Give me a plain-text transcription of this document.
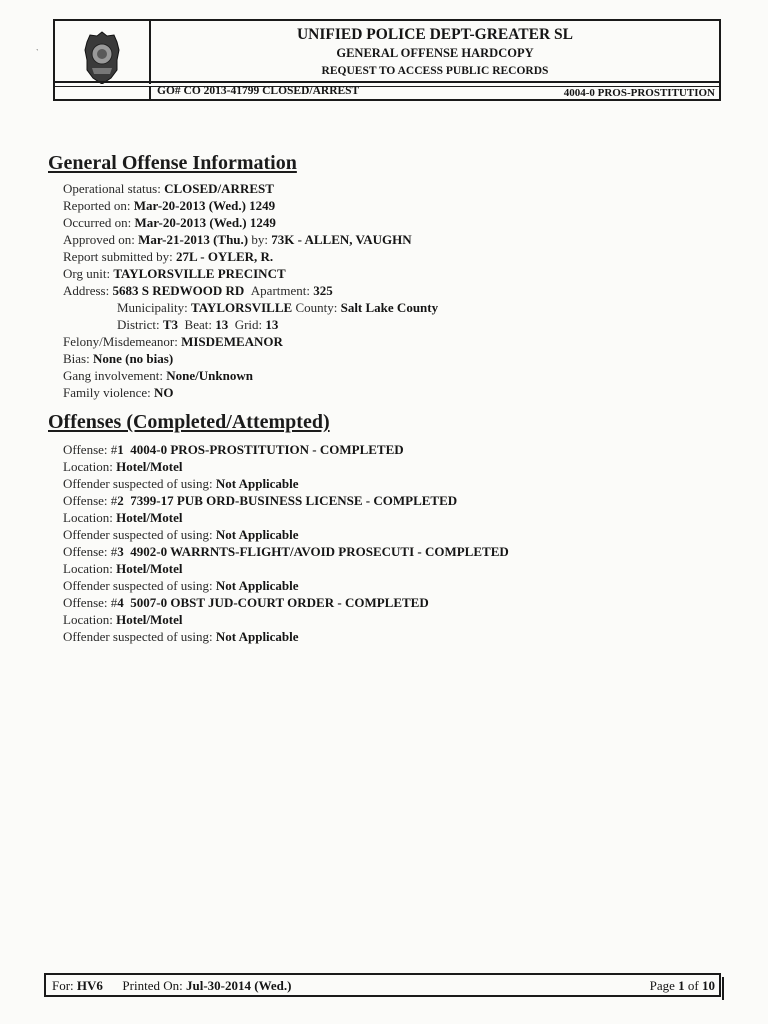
UNIFIED POLICE DEPT-GREATER SL
GENERAL OFFENSE HARDCOPY
REQUEST TO ACCESS PUBLIC RECORDS
GO# CO 2013-41799 CLOSED/ARREST	4004-0 PROS-PROSTITUTION
`
General Offense Information
Operational status: CLOSED/ARREST
Reported on: Mar-20-2013 (Wed.) 1249
Occurred on: Mar-20-2013 (Wed.) 1249
Approved on: Mar-21-2013 (Thu.) by: 73K - ALLEN, VAUGHN
Report submitted by: 27L - OYLER, R.
Org unit: TAYLORSVILLE PRECINCT
Address: 5683 S REDWOOD RD Apartment: 325
Municipality: TAYLORSVILLE County: Salt Lake County
District: T3 Beat: 13 Grid: 13
Felony/Misdemeanor: MISDEMEANOR
Bias: None (no bias)
Gang involvement: None/Unknown
Family violence: NO
Offenses (Completed/Attempted)
Offense: #1 4004-0 PROS-PROSTITUTION - COMPLETED
Location: Hotel/Motel
Offender suspected of using: Not Applicable
Offense: #2 7399-17 PUB ORD-BUSINESS LICENSE - COMPLETED
Location: Hotel/Motel
Offender suspected of using: Not Applicable
Offense: #3 4902-0 WARRNTS-FLIGHT/AVOID PROSECUTI - COMPLETED
Location: Hotel/Motel
Offender suspected of using: Not Applicable
Offense: #4 5007-0 OBST JUD-COURT ORDER - COMPLETED
Location: Hotel/Motel
Offender suspected of using: Not Applicable
For: HV6 Printed On: Jul-30-2014 (Wed.)	Page 1 of 10
